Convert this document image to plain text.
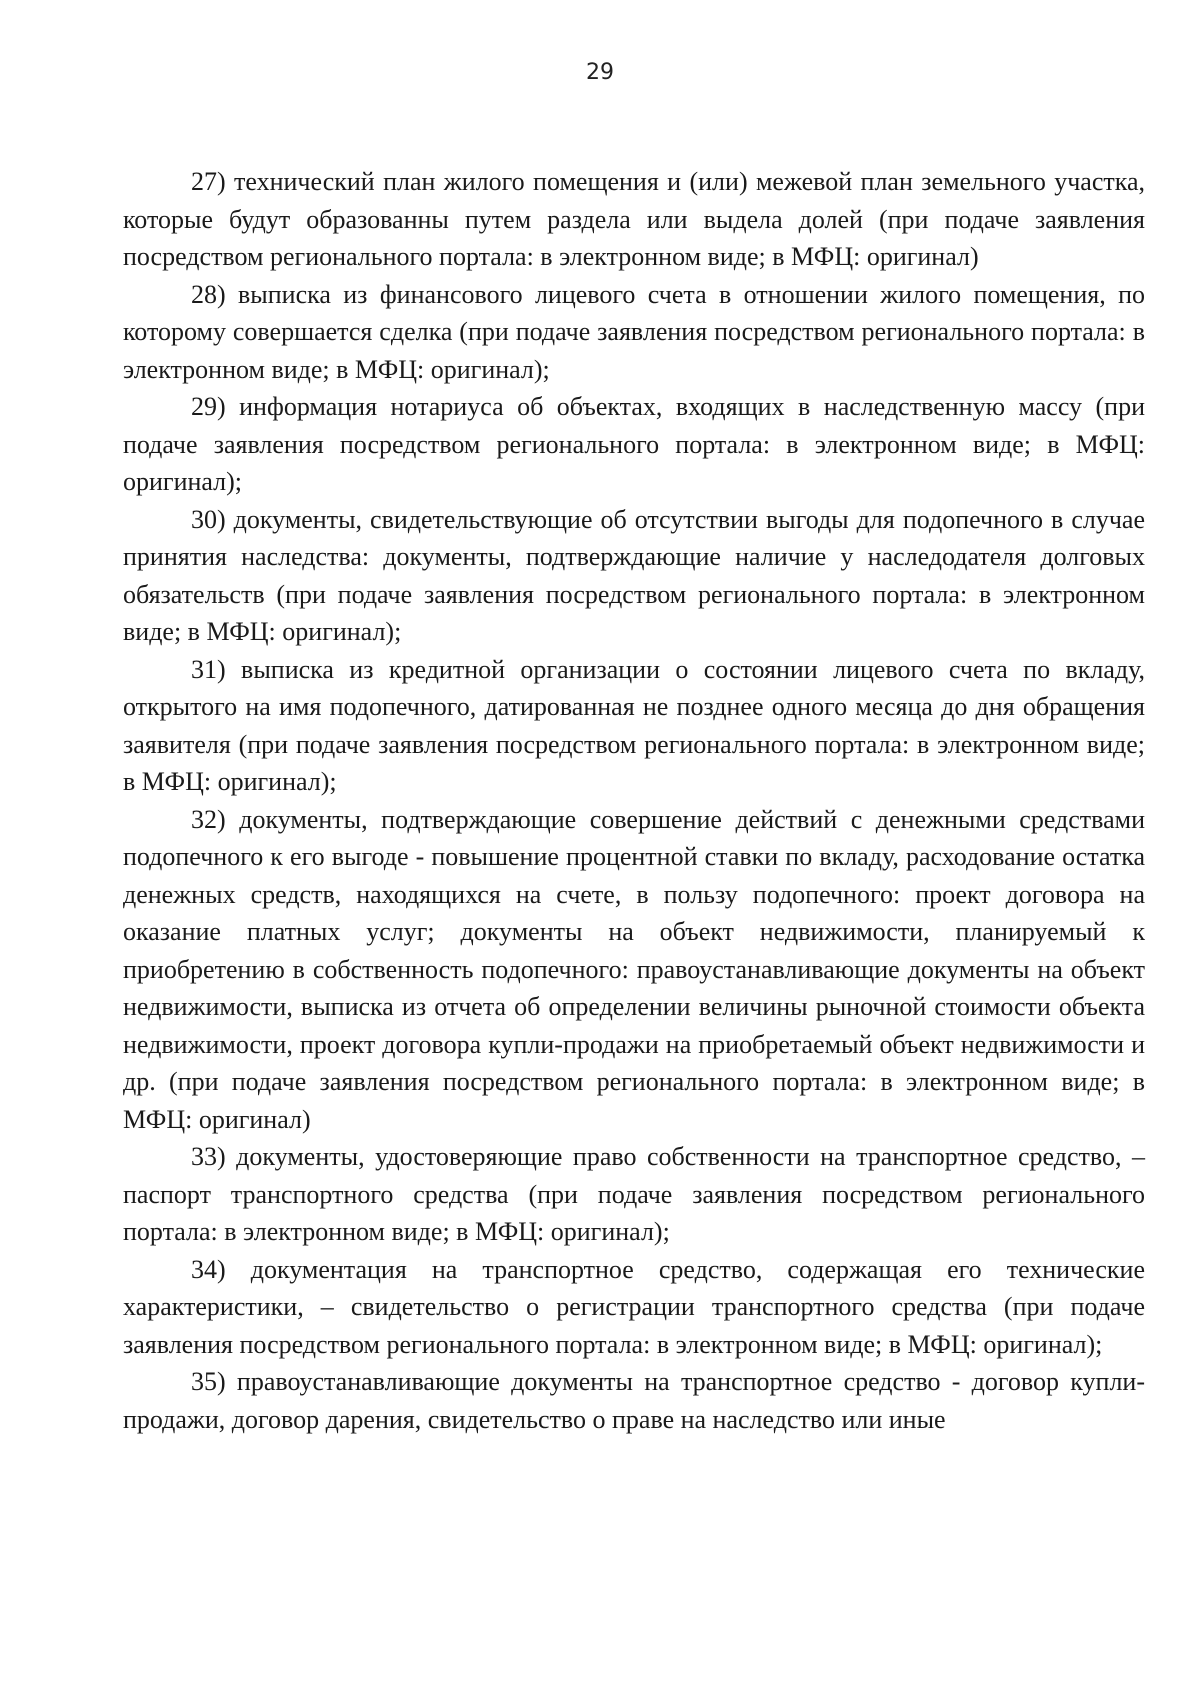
29

27) технический план жилого помещения и (или) межевой план земельного участка, которые будут образованны путем раздела или выдела долей (при подаче заявления посредством регионального портала: в электронном виде; в МФЦ: оригинал)

28) выписка из финансового лицевого счета в отношении жилого помещения, по которому совершается сделка (при подаче заявления посредством регионального портала: в электронном виде; в МФЦ: оригинал);

29) информация нотариуса об объектах, входящих в наследственную массу (при подаче заявления посредством регионального портала: в электронном виде; в МФЦ: оригинал);

30) документы, свидетельствующие об отсутствии выгоды для подопечного в случае принятия наследства: документы, подтверждающие наличие у наследодателя долговых обязательств (при подаче заявления посредством регионального портала: в электронном виде; в МФЦ: оригинал);

31) выписка из кредитной организации о состоянии лицевого счета по вкладу, открытого на имя подопечного, датированная не позднее одного месяца до дня обращения заявителя (при подаче заявления посредством регионального портала: в электронном виде; в МФЦ: оригинал);

32) документы, подтверждающие совершение действий с денежными средствами подопечного к его выгоде - повышение процентной ставки по вкладу, расходование остатка денежных средств, находящихся на счете, в пользу подопечного: проект договора на оказание платных услуг; документы на объект недвижимости, планируемый к приобретению в собственность подопечного: правоустанавливающие документы на объект недвижимости, выписка из отчета об определении величины рыночной стоимости объекта недвижимости, проект договора купли-продажи на приобретаемый объект недвижимости и др. (при подаче заявления посредством регионального портала: в электронном виде; в МФЦ: оригинал)

33) документы, удостоверяющие право собственности на транспортное средство, – паспорт транспортного средства (при подаче заявления посредством регионального портала: в электронном виде; в МФЦ: оригинал);

34) документация на транспортное средство, содержащая его технические характеристики, – свидетельство о регистрации транспортного средства (при подаче заявления посредством регионального портала: в электронном виде; в МФЦ: оригинал);

35) правоустанавливающие документы на транспортное средство - договор купли-продажи, договор дарения, свидетельство о праве на наследство или иные
